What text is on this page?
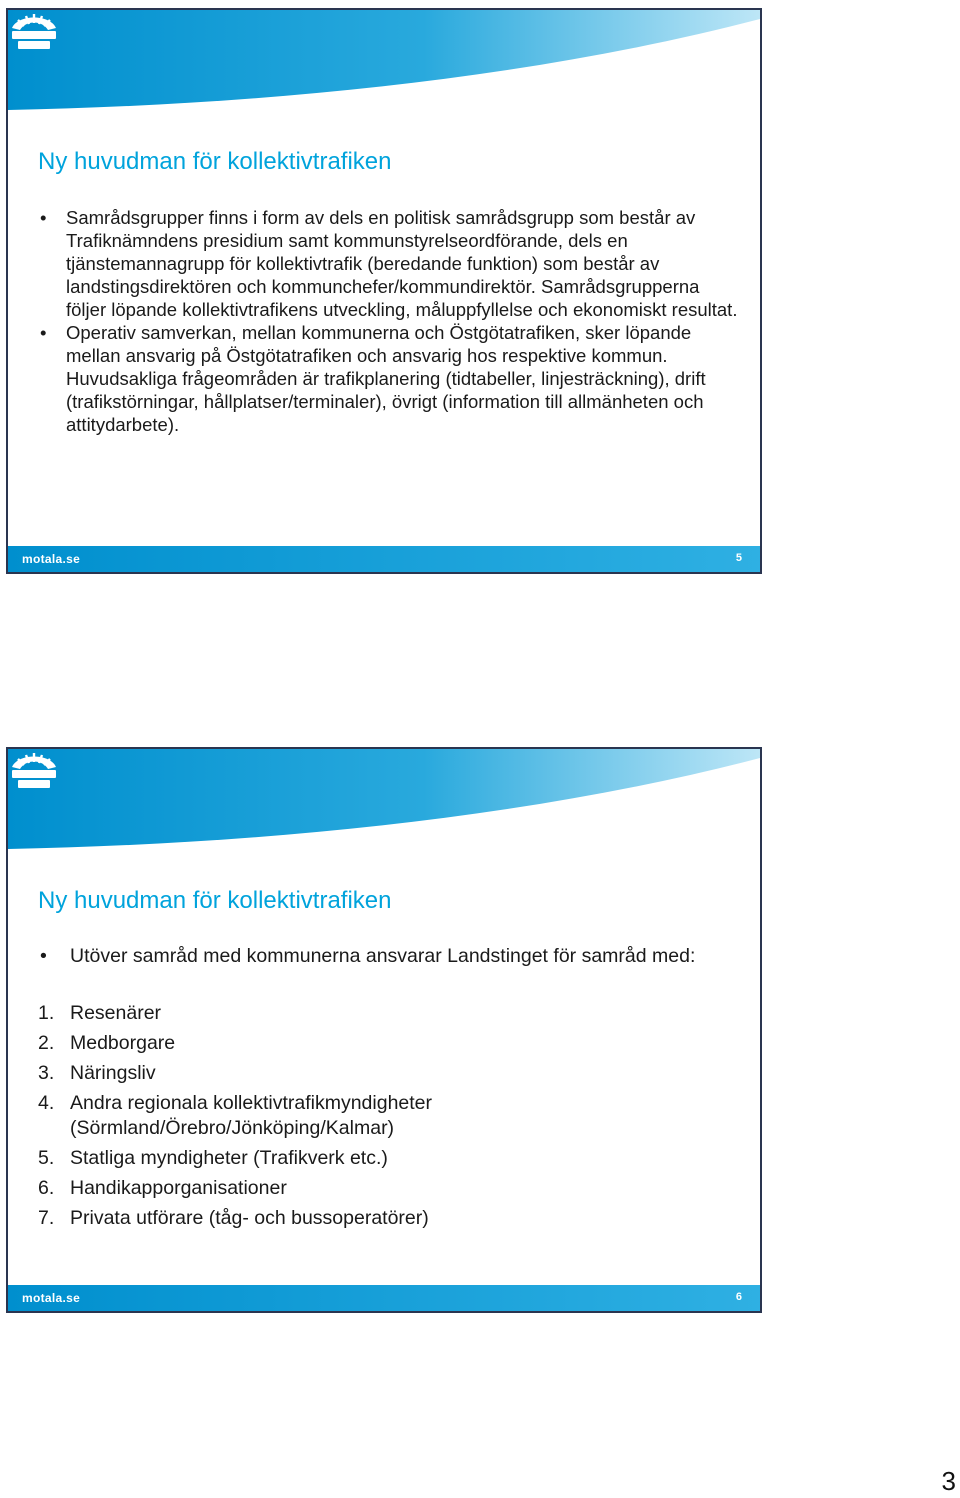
Ny huvudman för kollektivtrafiken
• Samrådsgrupper finns i form av dels en politisk samrådsgrupp som består av Trafiknämndens presidium samt kommunstyrelseordförande, dels en tjänstemannagrupp för kollektivtrafik (beredande funktion) som består av landstingsdirektören och kommunchefer/kommundirektör. Samrådsgrupperna följer löpande kollektivtrafikens utveckling, måluppfyllelse och ekonomiskt resultat.
• Operativ samverkan, mellan kommunerna och Östgötatrafiken, sker löpande mellan ansvarig på Östgötatrafiken och ansvarig hos respektive kommun. Huvudsakliga frågeområden är trafikplanering (tidtabeller, linjesträckning), drift (trafikstörningar, hållplatser/terminaler), övrigt (information till allmänheten och attitydarbete).
motala.se	5
Ny huvudman för kollektivtrafiken
• Utöver samråd med kommunerna ansvarar Landstinget för samråd med:
1. Resenärer
2. Medborgare
3. Näringsliv
4. Andra regionala kollektivtrafikmyndigheter (Sörmland/Örebro/Jönköping/Kalmar)
5. Statliga myndigheter (Trafikverk etc.)
6. Handikapporganisationer
7. Privata utförare (tåg- och bussoperatörer)
motala.se	6
3
